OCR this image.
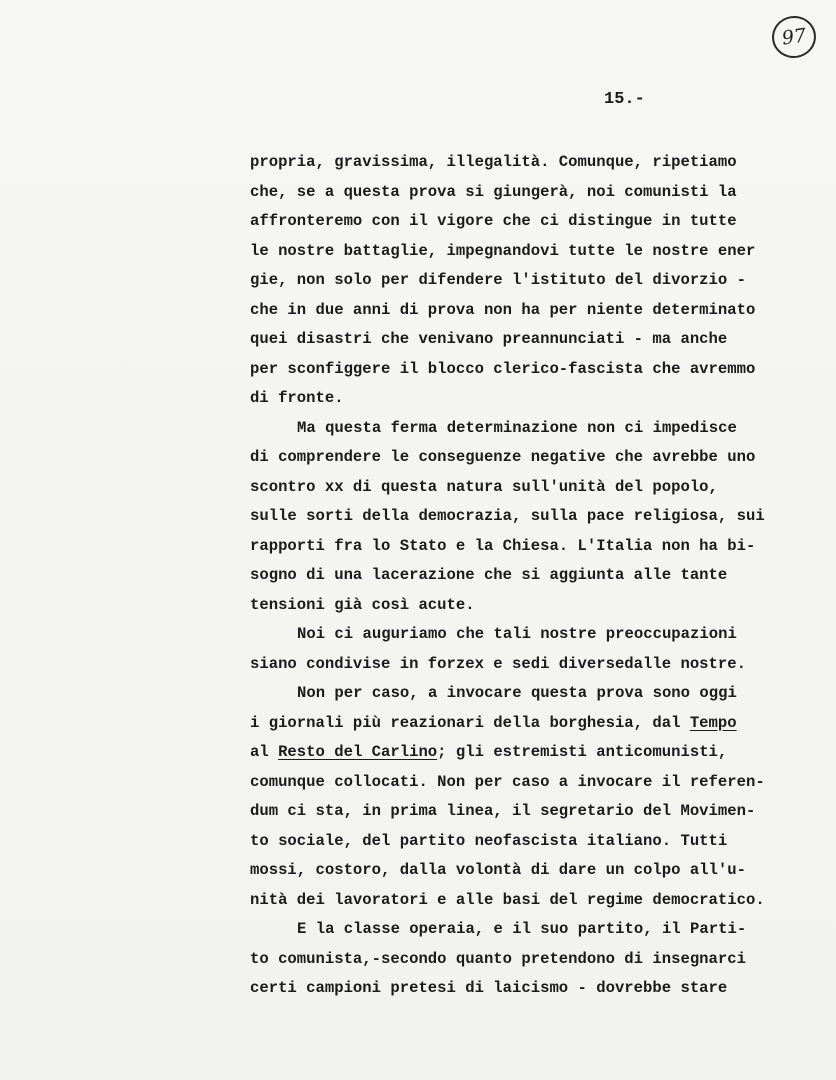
97
15.-
propria, gravissima, illegalità. Comunque, ripetiamo
che, se a questa prova si giungerà, noi comunisti la
affronteremo con il vigore che ci distingue in tutte
le nostre battaglie, impegnandovi tutte le nostre ener
gie, non solo per difendere l'istituto del divorzio -
che in due anni di prova non ha per niente determinato
quei disastri che venivano preannunciati - ma anche
per sconfiggere il blocco clerico-fascista che avremmo
di fronte.
Ma questa ferma determinazione non ci impedisce
di comprendere le conseguenze negative che avrebbe uno
scontro xx di questa natura sull'unità del popolo,
sulle sorti della democrazia, sulla pace religiosa, sui
rapporti fra lo Stato e la Chiesa. L'Italia non ha bi-
sogno di una lacerazione che si aggiunta alle tante
tensioni già così acute.
Noi ci auguriamo che tali nostre preoccupazioni
siano condivise in forzex e sedi diversedalle nostre.
Non per caso, a invocare questa prova sono oggi
i giornali più reazionari della borghesia, dal Tempo
al Resto del Carlino; gli estremisti anticomunisti,
comunque collocati. Non per caso a invocare il referen-
dum ci sta, in prima linea, il segretario del Movimen-
to sociale, del partito neofascista italiano. Tutti
mossi, costoro, dalla volontà di dare un colpo all'u-
nità dei lavoratori e alle basi del regime democratico.
E la classe operaia, e il suo partito, il Parti-
to comunista,-secondo quanto pretendono di insegnarci
certi campioni pretesi di laicismo - dovrebbe stare
